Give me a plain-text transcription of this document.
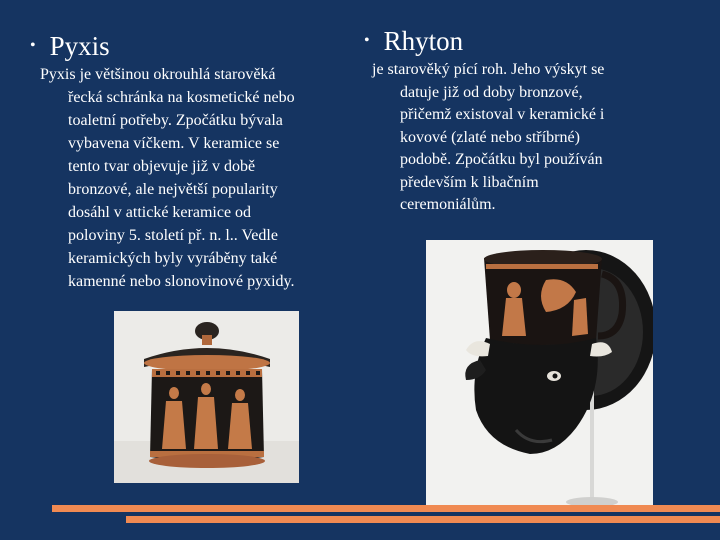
• Pyxis	• Rhyton
Pyxis je většinou okrouhlá starověká
řecká schránka na kosmetické nebo
toaletní potřeby. Zpočátku bývala
vybavena víčkem. V keramice se
tento tvar objevuje již v době
bronzové, ale největší popularity
dosáhl v attické keramice od
poloviny 5. století př. n. l.. Vedle
keramických byly vyráběny také
kamenné nebo slonovinové pyxidy.
je starověký pící roh. Jeho výskyt se
datuje již od doby bronzové,
přičemž existoval v keramické i
kovové (zlaté nebo stříbrné)
podobě. Zpočátku byl používán
především k libačním
ceremoniálům.
